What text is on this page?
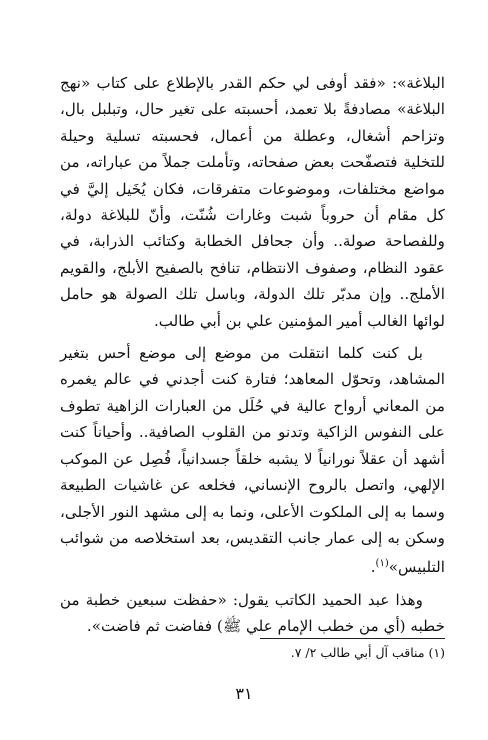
البلاغة»: «فقد أوفى لي حكم القدر بالإطلاع على كتاب «نهج البلاغة» مصادفةً بلا تعمد، أحسبته على تغير حال، وتبلبل بال، وتزاحم أشغال، وعطلة من أعمال، فحسبته تسلية وحيلة للتخلية فتصفّحت بعض صفحاته، وتأملت جملاً من عباراته، من مواضع مختلفات، وموضوعات متفرقات، فكان يُخَيل إليَّ في كل مقام أن حروباً شبت وغارات شُنّت، وأنّ للبلاغة دولة، وللفصاحة صولة.. وأن جحافل الخطابة وكتائب الذرابة، في عقود النظام، وصفوف الانتظام، تنافح بالصفيح الأبلج، والقويم الأملج.. وإن مدبّر تلك الدولة، وباسل تلك الصولة هو حامل لوائها الغالب أمير المؤمنين علي بن أبي طالب.

بل كنت كلما انتقلت من موضع إلى موضع أحس بتغير المشاهد، وتحوّل المعاهد؛ فتارة كنت أجدني في عالم يغمره من المعاني أرواح عالية في حُلَل من العبارات الزاهية تطوف على النفوس الزاكية وتدنو من القلوب الصافية.. وأحياناً كنت أشهد أن عقلاً نورانياً لا يشبه خلقاً جسدانياً، فُصِل عن الموكب الإلهي، واتصل بالروح الإنساني، فخلعه عن غاشيات الطبيعة وسما به إلى الملكوت الأعلى، ونما به إلى مشهد النور الأجلى، وسكن به إلى عمار جانب التقديس، بعد استخلاصه من شوائب التلبيس»$^{(١)}$.

وهذا عبد الحميد الكاتب يقول: «حفظت سبعين خطبة من خطبه (أي من خطب الإمام علي ﷺ) ففاضت ثم فاضت».

(١) مناقب آل أبي طالب ٢/ ٧.
٣١
